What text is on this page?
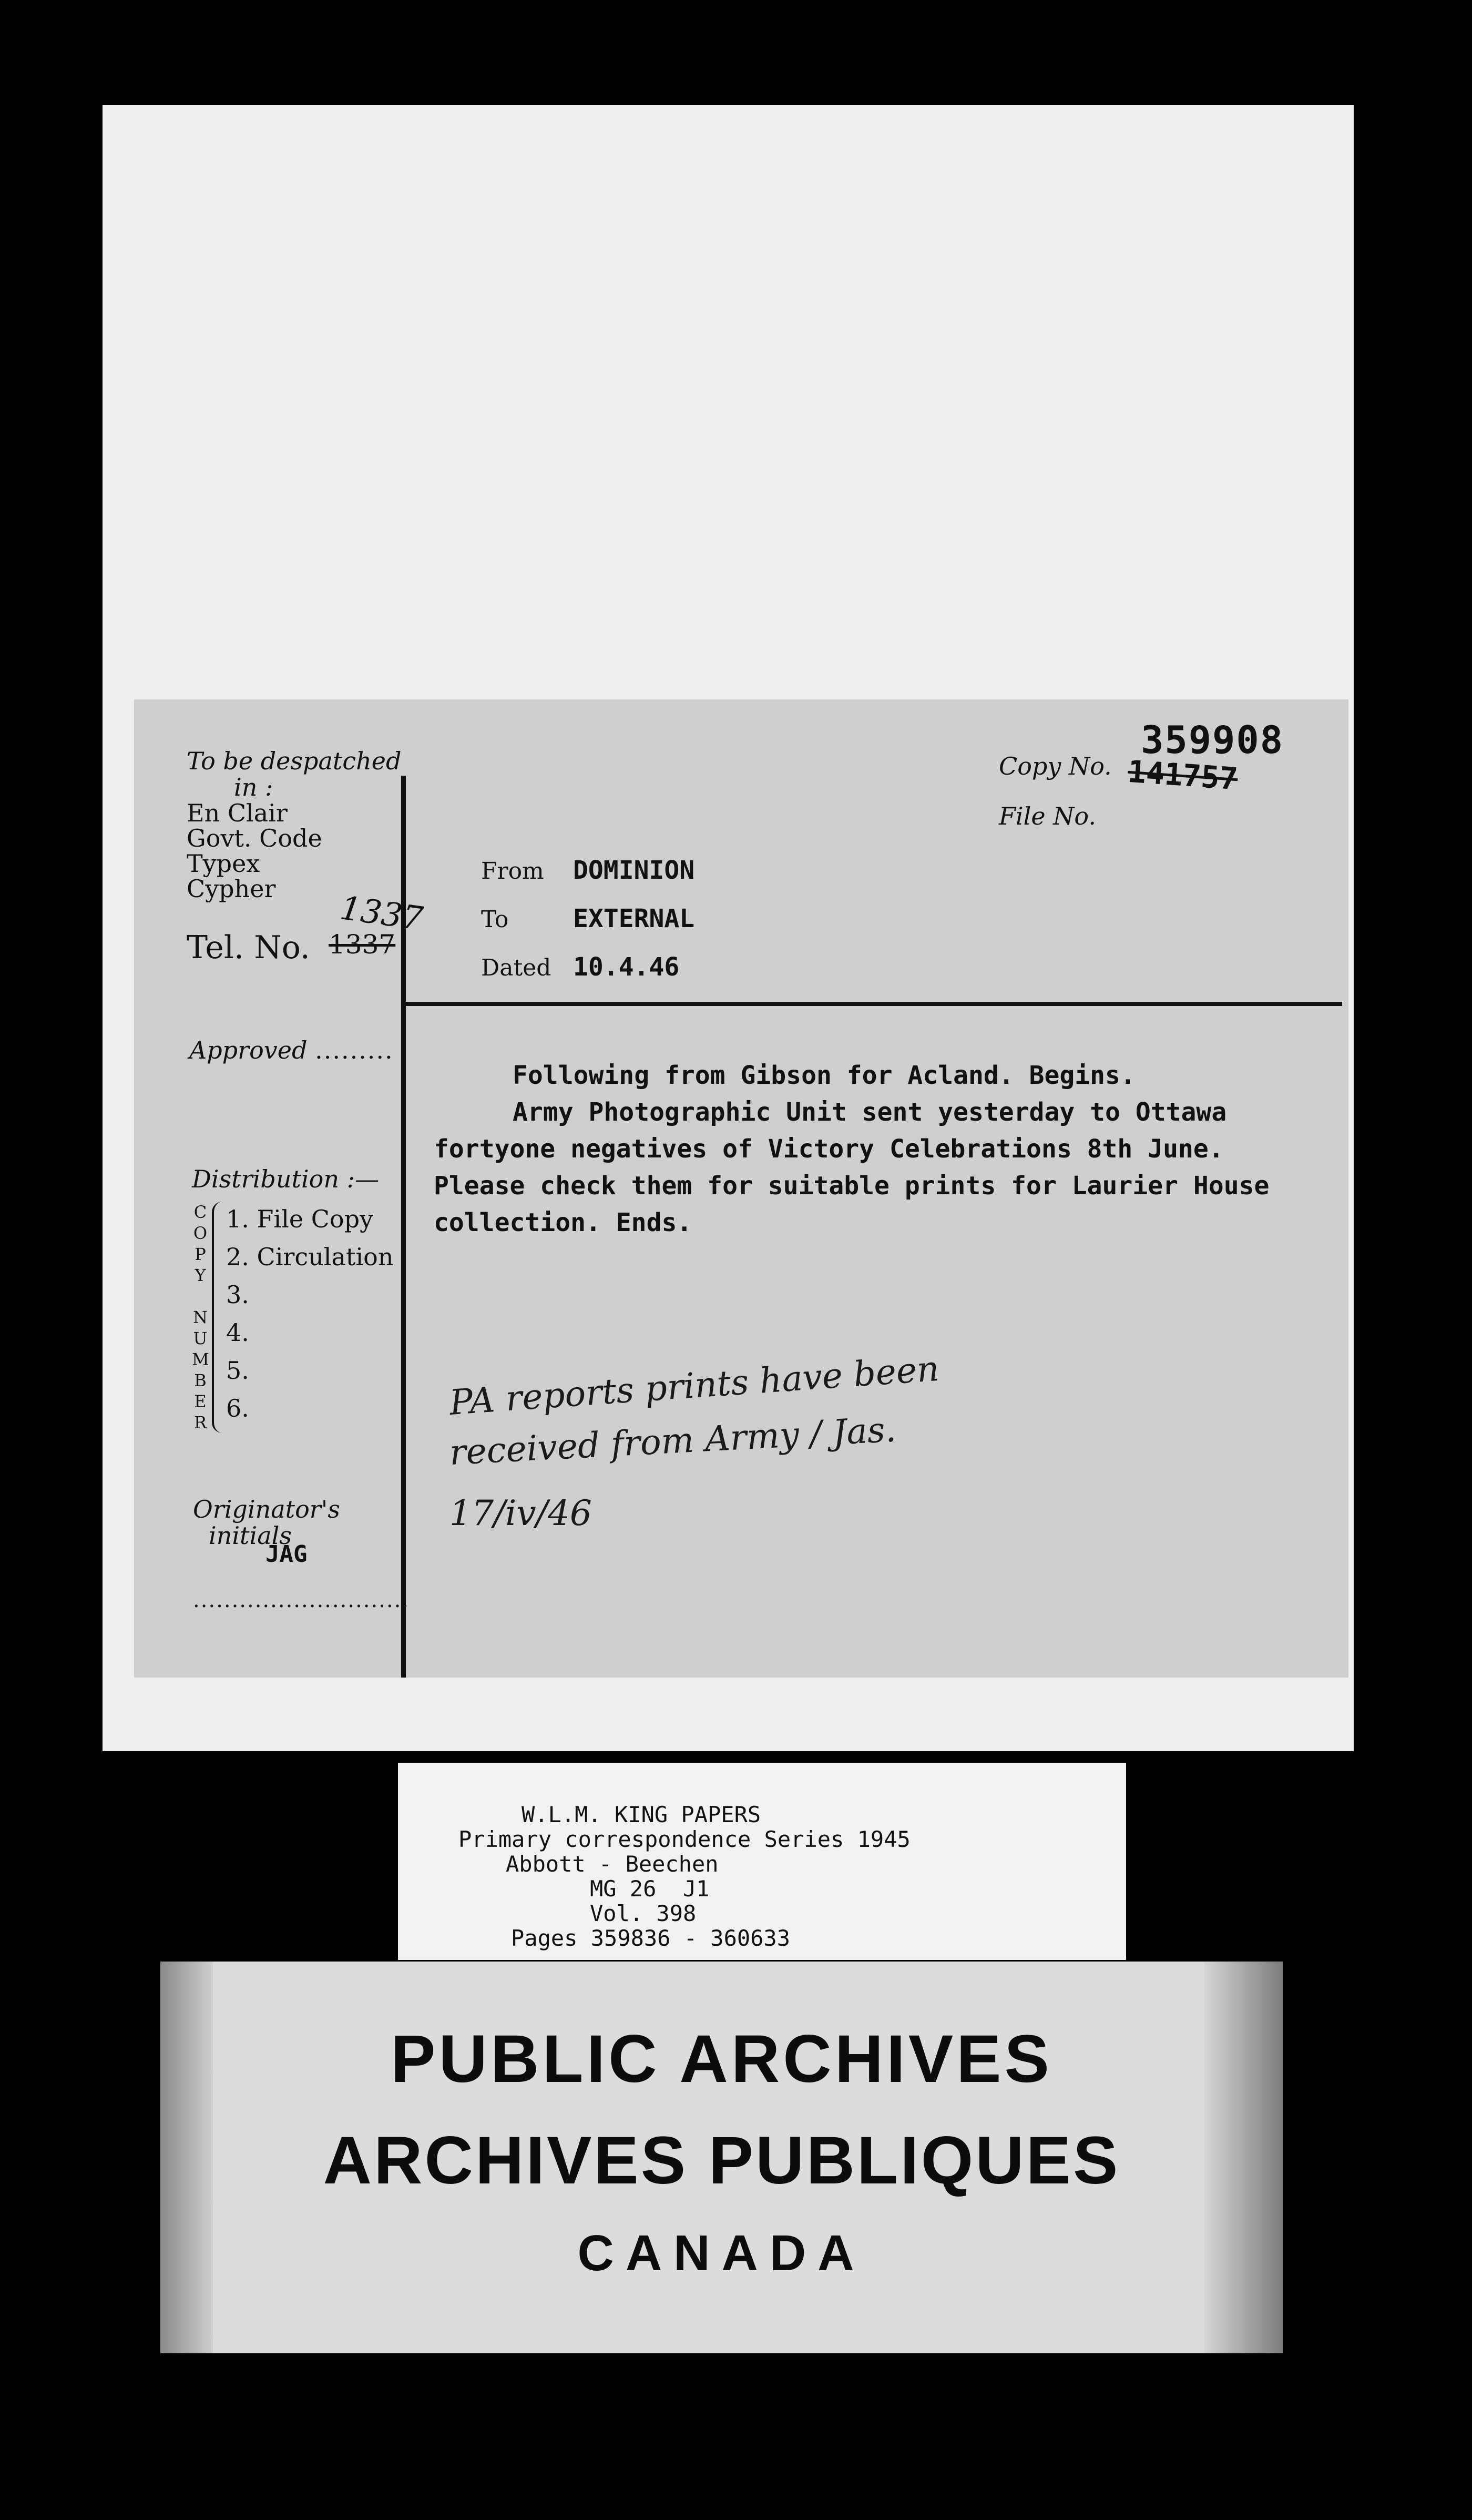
To be despatched
in :
En Clair
Govt. Code
Typex
Cypher
Tel. No. 1337
1337
Approved .........
Distribution :—
C
O
P
Y
N
U
M
B
E
R
1. File Copy
2. Circulation
3.
4.
5.
6.
Originator's
initials
JAG
............................
From DOMINION
To	EXTERNAL
Dated 10.4.46
Copy No.
359908
141757
File No.

Following from Gibson for Acland. Begins.

Army Photographic Unit sent yesterday to Ottawa

fortyone negatives of Victory Celebrations 8th June.

Please check them for suitable prints for Laurier House

collection. Ends.

PA reports prints have been
received from Army / Jas.
17/iv/46
W.L.M. KING PAPERS
Primary correspondence Series 1945
Abbott - Beechen
MG 26  J1
Vol. 398
Pages 359836 - 360633
PUBLIC ARCHIVES
ARCHIVES PUBLIQUES
CANADA
